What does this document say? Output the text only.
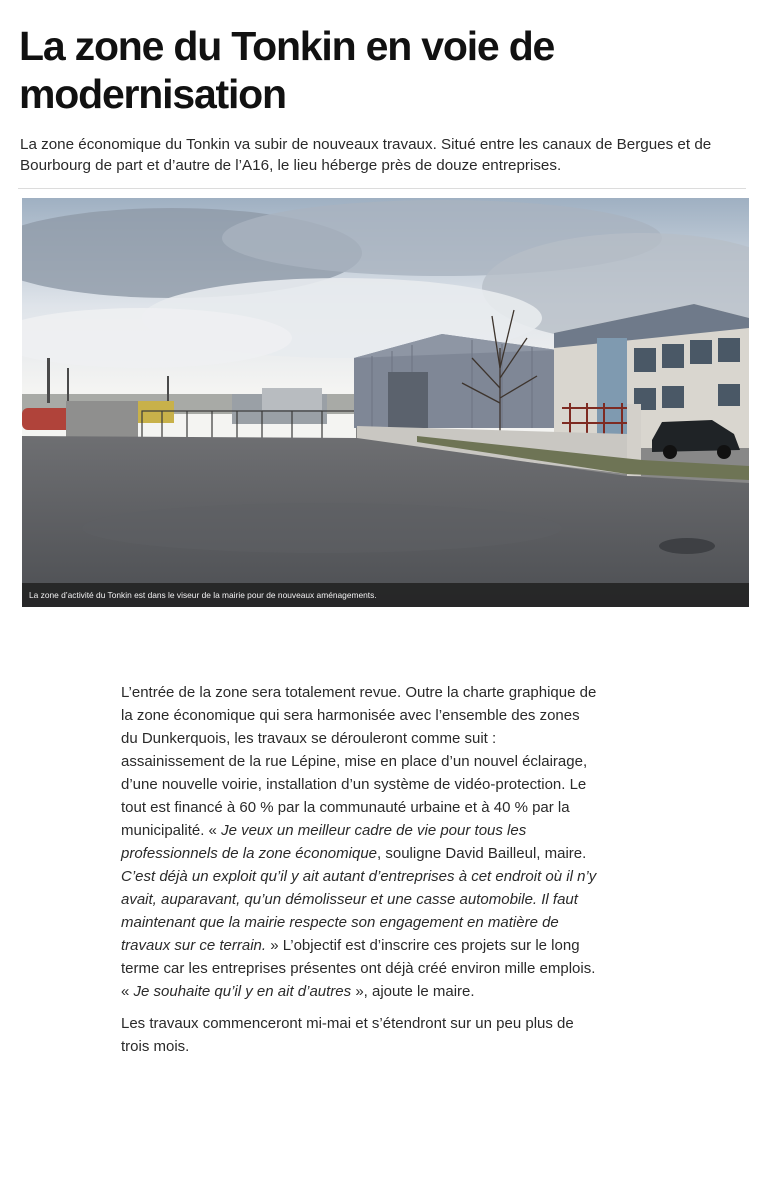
La zone du Tonkin en voie de modernisation

La zone économique du Tonkin va subir de nouveaux travaux. Situé entre les canaux de Bergues et de Bourbourg de part et d’autre de l’A16, le lieu héberge près de douze entreprises.

La zone d’activité du Tonkin est dans le viseur de la mairie pour de nouveaux aménagements.

L’entrée de la zone sera totalement revue. Outre la charte graphique de la zone économique qui sera harmonisée avec l’ensemble des zones du Dunkerquois, les travaux se dérouleront comme suit : assainissement de la rue Lépine, mise en place d’un nouvel éclairage, d’une nouvelle voirie, installation d’un système de vidéo-protection. Le tout est financé à 60 % par la communauté urbaine et à 40 % par la municipalité. « Je veux un meilleur cadre de vie pour tous les professionnels de la zone économique, souligne David Bailleul, maire. C’est déjà un exploit qu’il y ait autant d’entreprises à cet endroit où il n’y avait, auparavant, qu’un démolisseur et une casse automobile. Il faut maintenant que la mairie respecte son engagement en matière de travaux sur ce terrain. » L’objectif est d’inscrire ces projets sur le long terme car les entreprises présentes ont déjà créé environ mille emplois. « Je souhaite qu’il y en ait d’autres », ajoute le maire.

Les travaux commenceront mi-mai et s’étendront sur un peu plus de trois mois.
